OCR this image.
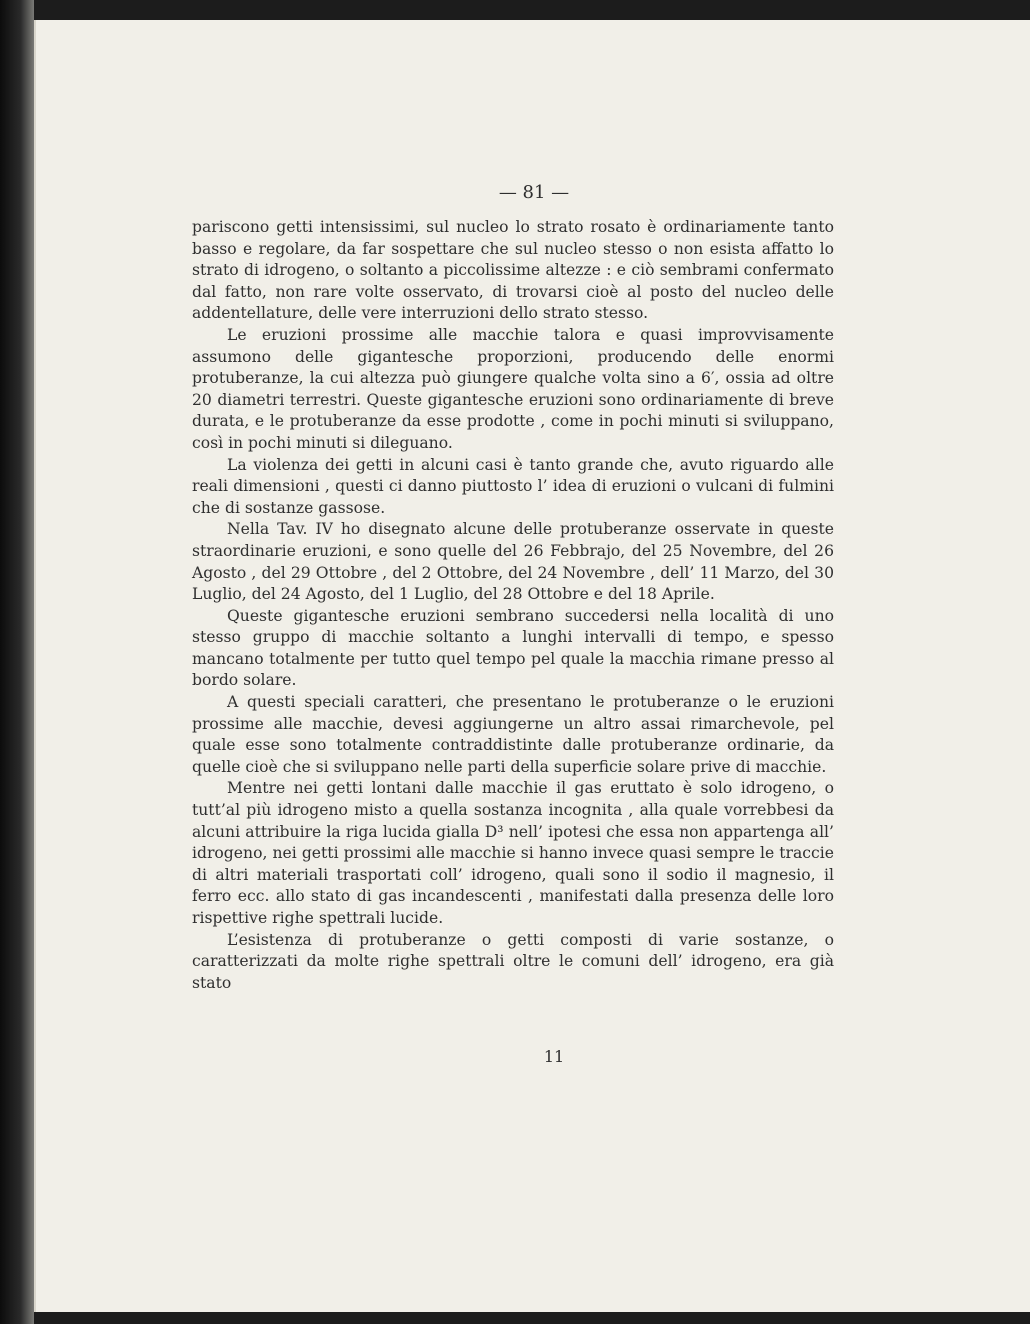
— 81 —

pariscono getti intensissimi, sul nucleo lo strato rosato è ordinariamente tanto basso e regolare, da far sospettare che sul nucleo stesso o non esista affatto lo strato di idrogeno, o soltanto a piccolissime altezze : e ciò sembrami confermato dal fatto, non rare volte osservato, di trovarsi cioè al posto del nucleo delle addentellature, delle vere interruzioni dello strato stesso.

Le eruzioni prossime alle macchie talora e quasi improvvisamente assumono delle gigantesche proporzioni, producendo delle enormi protuberanze, la cui altezza può giungere qualche volta sino a 6′, ossia ad oltre 20 diametri terrestri. Queste gigantesche eruzioni sono ordinariamente di breve durata, e le protuberanze da esse prodotte , come in pochi minuti si sviluppano, così in pochi minuti si dileguano.

La violenza dei getti in alcuni casi è tanto grande che, avuto riguardo alle reali dimensioni , questi ci danno piuttosto l’ idea di eruzioni o vulcani di fulmini che di sostanze gassose.

Nella Tav. IV ho disegnato alcune delle protuberanze osservate in queste straordinarie eruzioni, e sono quelle del 26 Febbrajo, del 25 Novembre, del 26 Agosto , del 29 Ottobre , del 2 Ottobre, del 24 Novembre , dell’ 11 Marzo, del 30 Luglio, del 24 Agosto, del 1 Luglio, del 28 Ottobre e del 18 Aprile.

Queste gigantesche eruzioni sembrano succedersi nella località di uno stesso gruppo di macchie soltanto a lunghi intervalli di tempo, e spesso mancano totalmente per tutto quel tempo pel quale la macchia rimane presso al bordo solare.

A questi speciali caratteri, che presentano le protuberanze o le eruzioni prossime alle macchie, devesi aggiungerne un altro assai rimarchevole, pel quale esse sono totalmente contraddistinte dalle protuberanze ordinarie, da quelle cioè che si sviluppano nelle parti della superficie solare prive di macchie.

Mentre nei getti lontani dalle macchie il gas eruttato è solo idrogeno, o tutt’al più idrogeno misto a quella sostanza incognita , alla quale vorrebbesi da alcuni attribuire la riga lucida gialla D³ nell’ ipotesi che essa non appartenga all’ idrogeno, nei getti prossimi alle macchie si hanno invece quasi sempre le traccie di altri materiali trasportati coll’ idrogeno, quali sono il sodio il magnesio, il ferro ecc. allo stato di gas incandescenti , manifestati dalla presenza delle loro rispettive righe spettrali lucide.

L’esistenza di protuberanze o getti composti di varie sostanze, o caratterizzati da molte righe spettrali oltre le comuni dell’ idrogeno, era già stato

11
